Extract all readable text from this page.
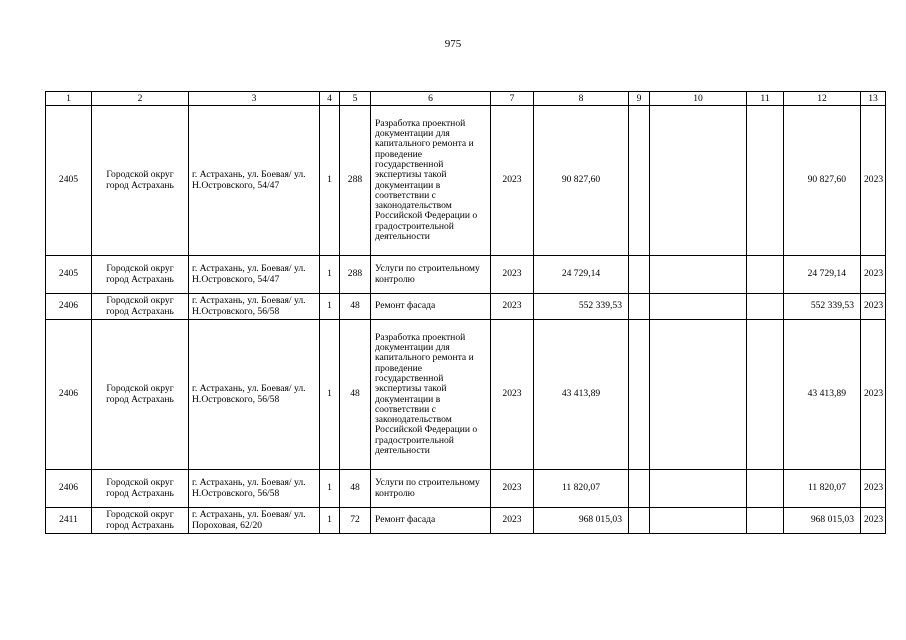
975
1	2	3	4	5	6	7	8	9	10	11	12	13
2405	Городской округ город Астрахань	г. Астрахань, ул. Боевая/ ул. Н.Островского, 54/47	1	288	Разработка проектной документации для капитального ремонта и проведение государственной экспертизы такой документации в соответствии с законодательством Российской Федерации о градостроительной деятельности	2023	90 827,60				90 827,60	2023
2405	Городской округ город Астрахань	г. Астрахань, ул. Боевая/ ул. Н.Островского, 54/47	1	288	Услуги по строительному контролю	2023	24 729,14				24 729,14	2023
2406	Городской округ город Астрахань	г. Астрахань, ул. Боевая/ ул. Н.Островского, 56/58	1	48	Ремонт фасада	2023	552 339,53				552 339,53	2023
2406	Городской округ город Астрахань	г. Астрахань, ул. Боевая/ ул. Н.Островского, 56/58	1	48	Разработка проектной документации для капитального ремонта и проведение государственной экспертизы такой документации в соответствии с законодательством Российской Федерации о градостроительной деятельности	2023	43 413,89				43 413,89	2023
2406	Городской округ город Астрахань	г. Астрахань, ул. Боевая/ ул. Н.Островского, 56/58	1	48	Услуги по строительному контролю	2023	11 820,07				11 820,07	2023
2411	Городской округ город Астрахань	г. Астрахань, ул. Боевая/ ул. Пороховая, 62/20	1	72	Ремонт фасада	2023	968 015,03				968 015,03	2023
